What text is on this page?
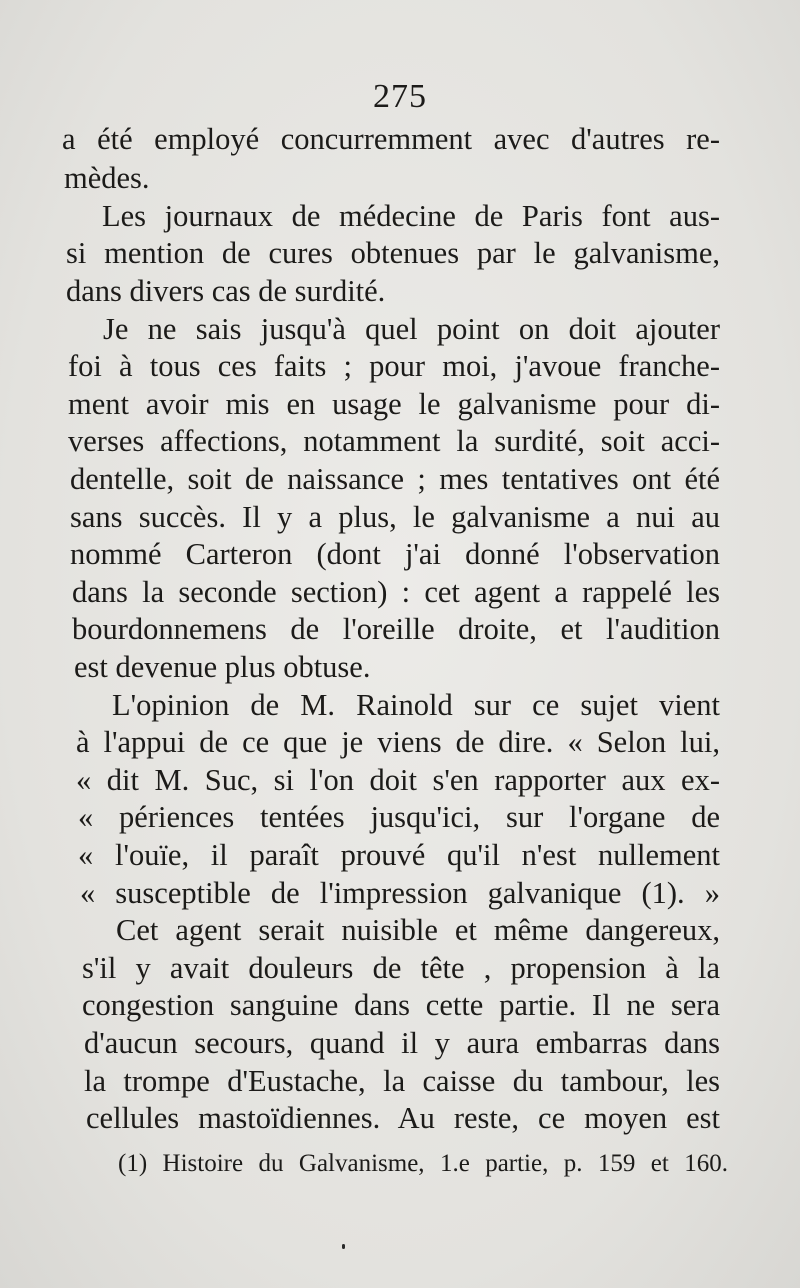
275
a été employé concurremment avec d'autres re-
mèdes.
Les journaux de médecine de Paris font aus-
si mention de cures obtenues par le galvanisme,
dans divers cas de surdité.
Je ne sais jusqu'à quel point on doit ajouter
foi à tous ces faits ; pour moi, j'avoue franche-
ment avoir mis en usage le galvanisme pour di-
verses affections, notamment la surdité, soit acci-
dentelle, soit de naissance ; mes tentatives ont été
sans succès. Il y a plus, le galvanisme a nui au
nommé Carteron (dont j'ai donné l'observation
dans la seconde section) : cet agent a rappelé les
bourdonnemens de l'oreille droite, et l'audition
est devenue plus obtuse.
L'opinion de M. Rainold sur ce sujet vient
à l'appui de ce que je viens de dire. « Selon lui,
« dit M. Suc, si l'on doit s'en rapporter aux ex-
« périences tentées jusqu'ici, sur l'organe de
« l'ouïe, il paraît prouvé qu'il n'est nullement
« susceptible de l'impression galvanique (1). »
Cet agent serait nuisible et même dangereux,
s'il y avait douleurs de tête , propension à la
congestion sanguine dans cette partie. Il ne sera
d'aucun secours, quand il y aura embarras dans
la trompe d'Eustache, la caisse du tambour, les
cellules mastoïdiennes. Au reste, ce moyen est
(1) Histoire du Galvanisme, 1.e partie, p. 159 et 160.
